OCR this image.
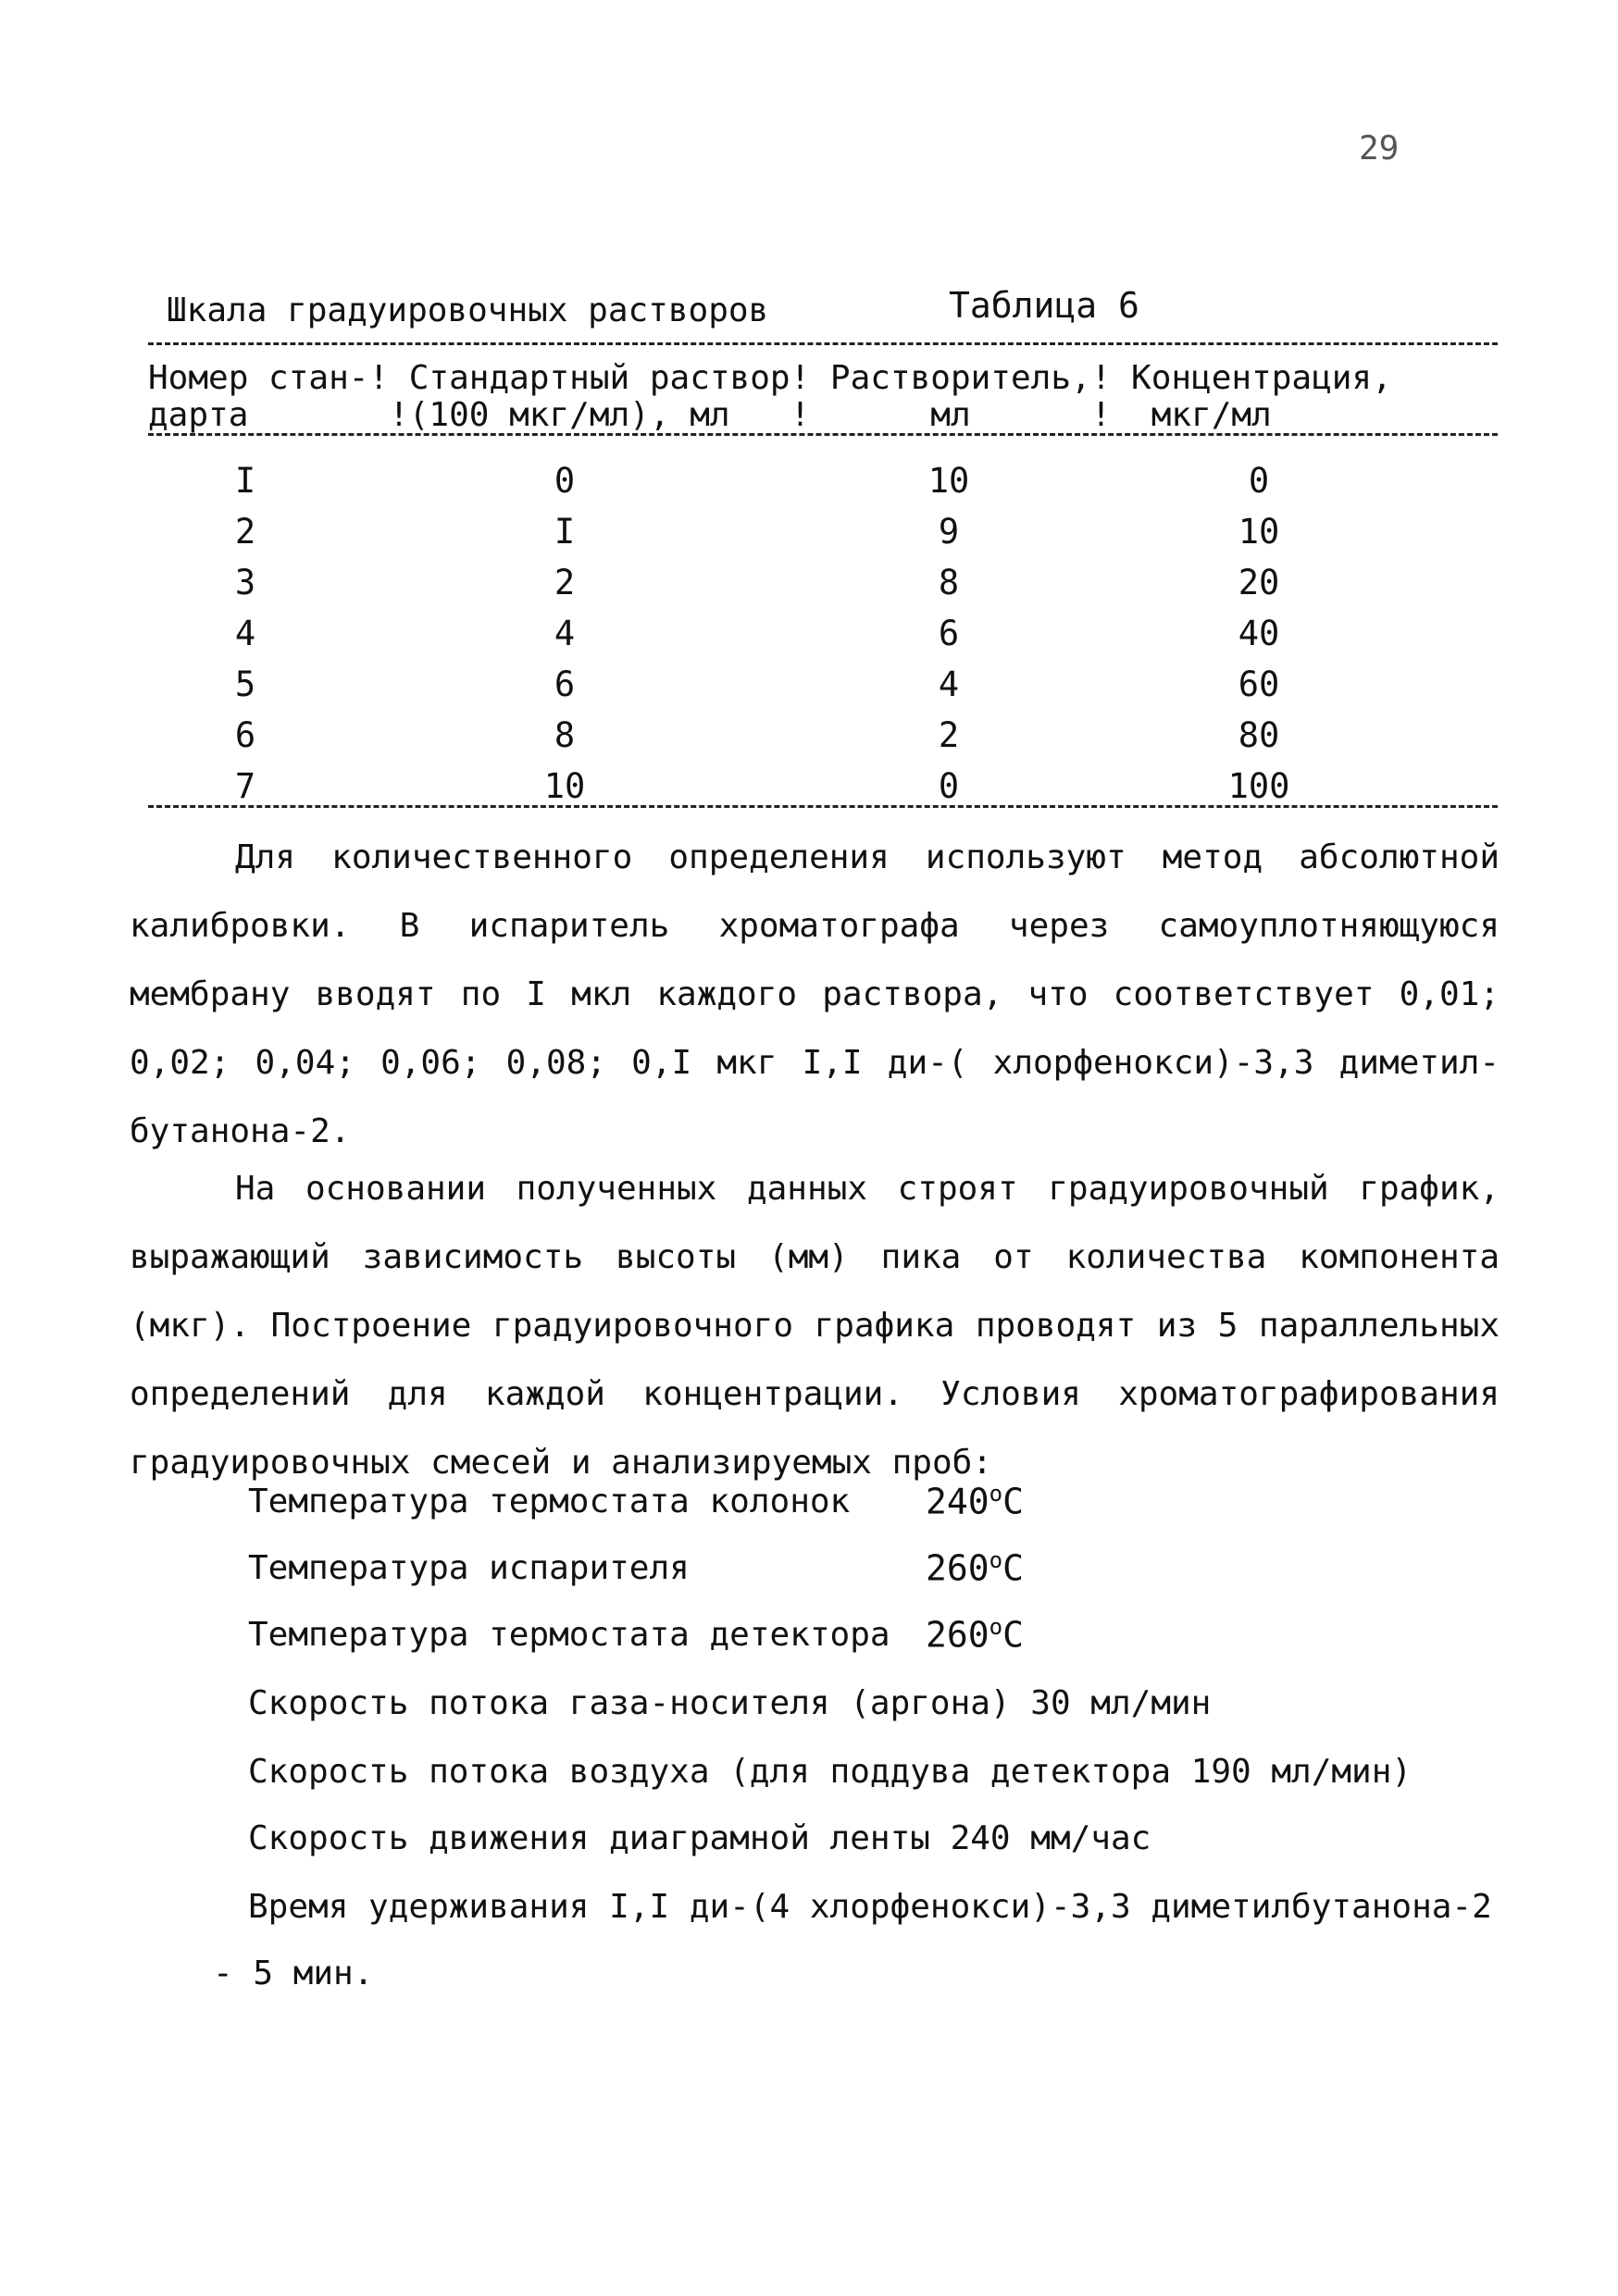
29
Шкала градуировочных растворов	Таблица 6
Номер стан-! Стандартный раствор! Растворитель,! Концентрация,
дарта       !(100 мкг/мл), мл   !      мл      !  мкг/мл
I	0	10	0
2	I	9	10
3	2	8	20
4	4	6	40
5	6	4	60
6	8	2	80
7	10	0	100

Для количественного определения используют метод абсолютной калибровки. В испаритель хроматографа через самоуплотняющуюся мембрану вводят по I мкл каждого раствора, что соответствует 0,01; 0,02; 0,04; 0,06; 0,08; 0,I мкг I,I ди-( хлорфенокси)-3,3 диметил-бутанона-2.

На основании полученных данных строят градуировочный график, выражающий зависимость высоты (мм) пика от количества компонента (мкг). Построение градуировочного графика проводят из 5 параллельных определений для каждой концентрации. Условия хроматографирования градуировочных смесей и анализируемых проб:

Температура термостата колонок 240$^o$C
Температура испарителя	260$^o$C
Температура термостата детектора 260$^o$C
Скорость потока газа-носителя (аргона) 30 мл/мин
Скорость потока воздуха (для поддува детектора 190 мл/мин)
Скорость движения диаграмной ленты 240 мм/час
Время удерживания I,I ди-(4 хлорфенокси)-3,3 диметилбутанона-2
- 5 мин.
